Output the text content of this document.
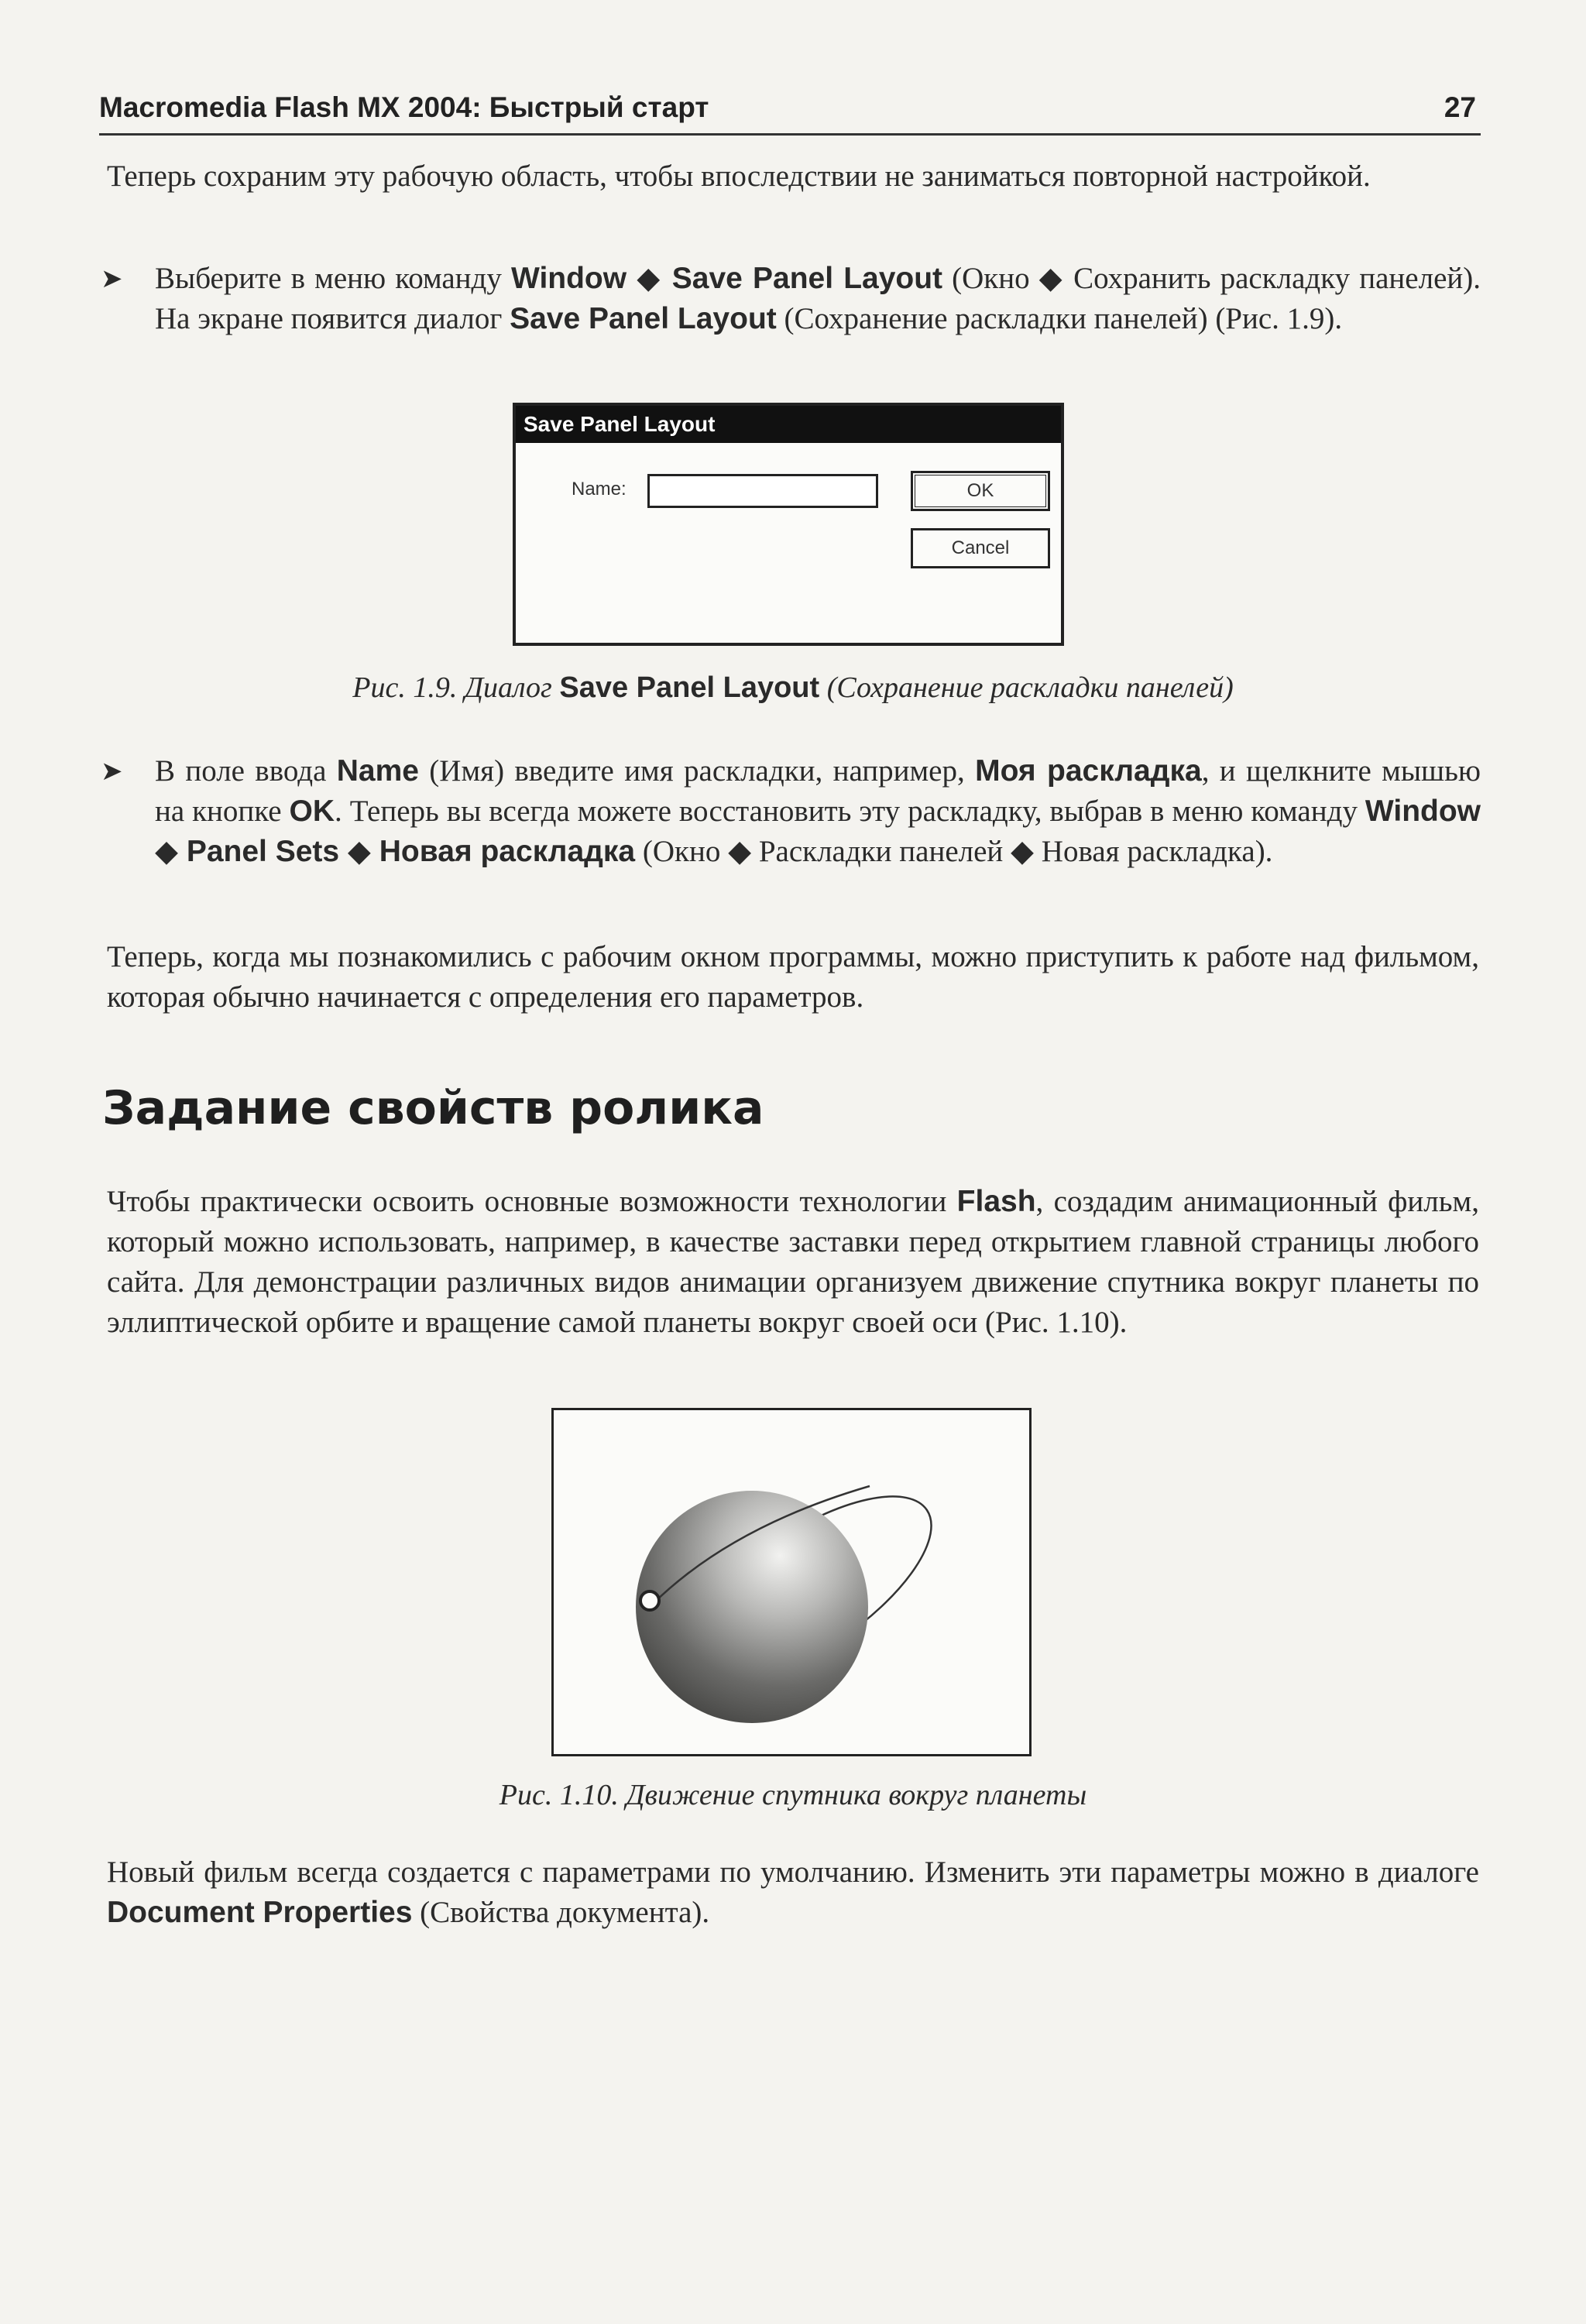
Macromedia Flash MX 2004: Быстрый старт	27
Теперь сохраним эту рабочую область, чтобы впоследствии не заниматься повторной настройкой.
➤ Выберите в меню команду Window ◆ Save Panel Layout (Окно ◆ Сохранить раскладку панелей). На экране появится диалог Save Panel Layout (Сохранение раскладки панелей) (Рис. 1.9).
Save Panel Layout
Name:	OK
Cancel
Рис. 1.9. Диалог Save Panel Layout (Сохранение раскладки панелей)
➤ В поле ввода Name (Имя) введите имя раскладки, например, Моя раскладка, и щелкните мышью на кнопке OK. Теперь вы всегда можете восстановить эту раскладку, выбрав в меню команду Window ◆ Panel Sets ◆ Новая раскладка (Окно ◆ Раскладки панелей ◆ Новая раскладка).
Теперь, когда мы познакомились с рабочим окном программы, можно приступить к работе над фильмом, которая обычно начинается с определения его параметров.
Задание свойств ролика
Чтобы практически освоить основные возможности технологии Flash, создадим анимационный фильм, который можно использовать, например, в качестве заставки перед открытием главной страницы любого сайта. Для демонстрации различных видов анимации организуем движение спутника вокруг планеты по эллиптической орбите и вращение самой планеты вокруг своей оси (Рис. 1.10).
Рис. 1.10. Движение спутника вокруг планеты
Новый фильм всегда создается с параметрами по умолчанию. Изменить эти параметры можно в диалоге Document Properties (Свойства документа).
